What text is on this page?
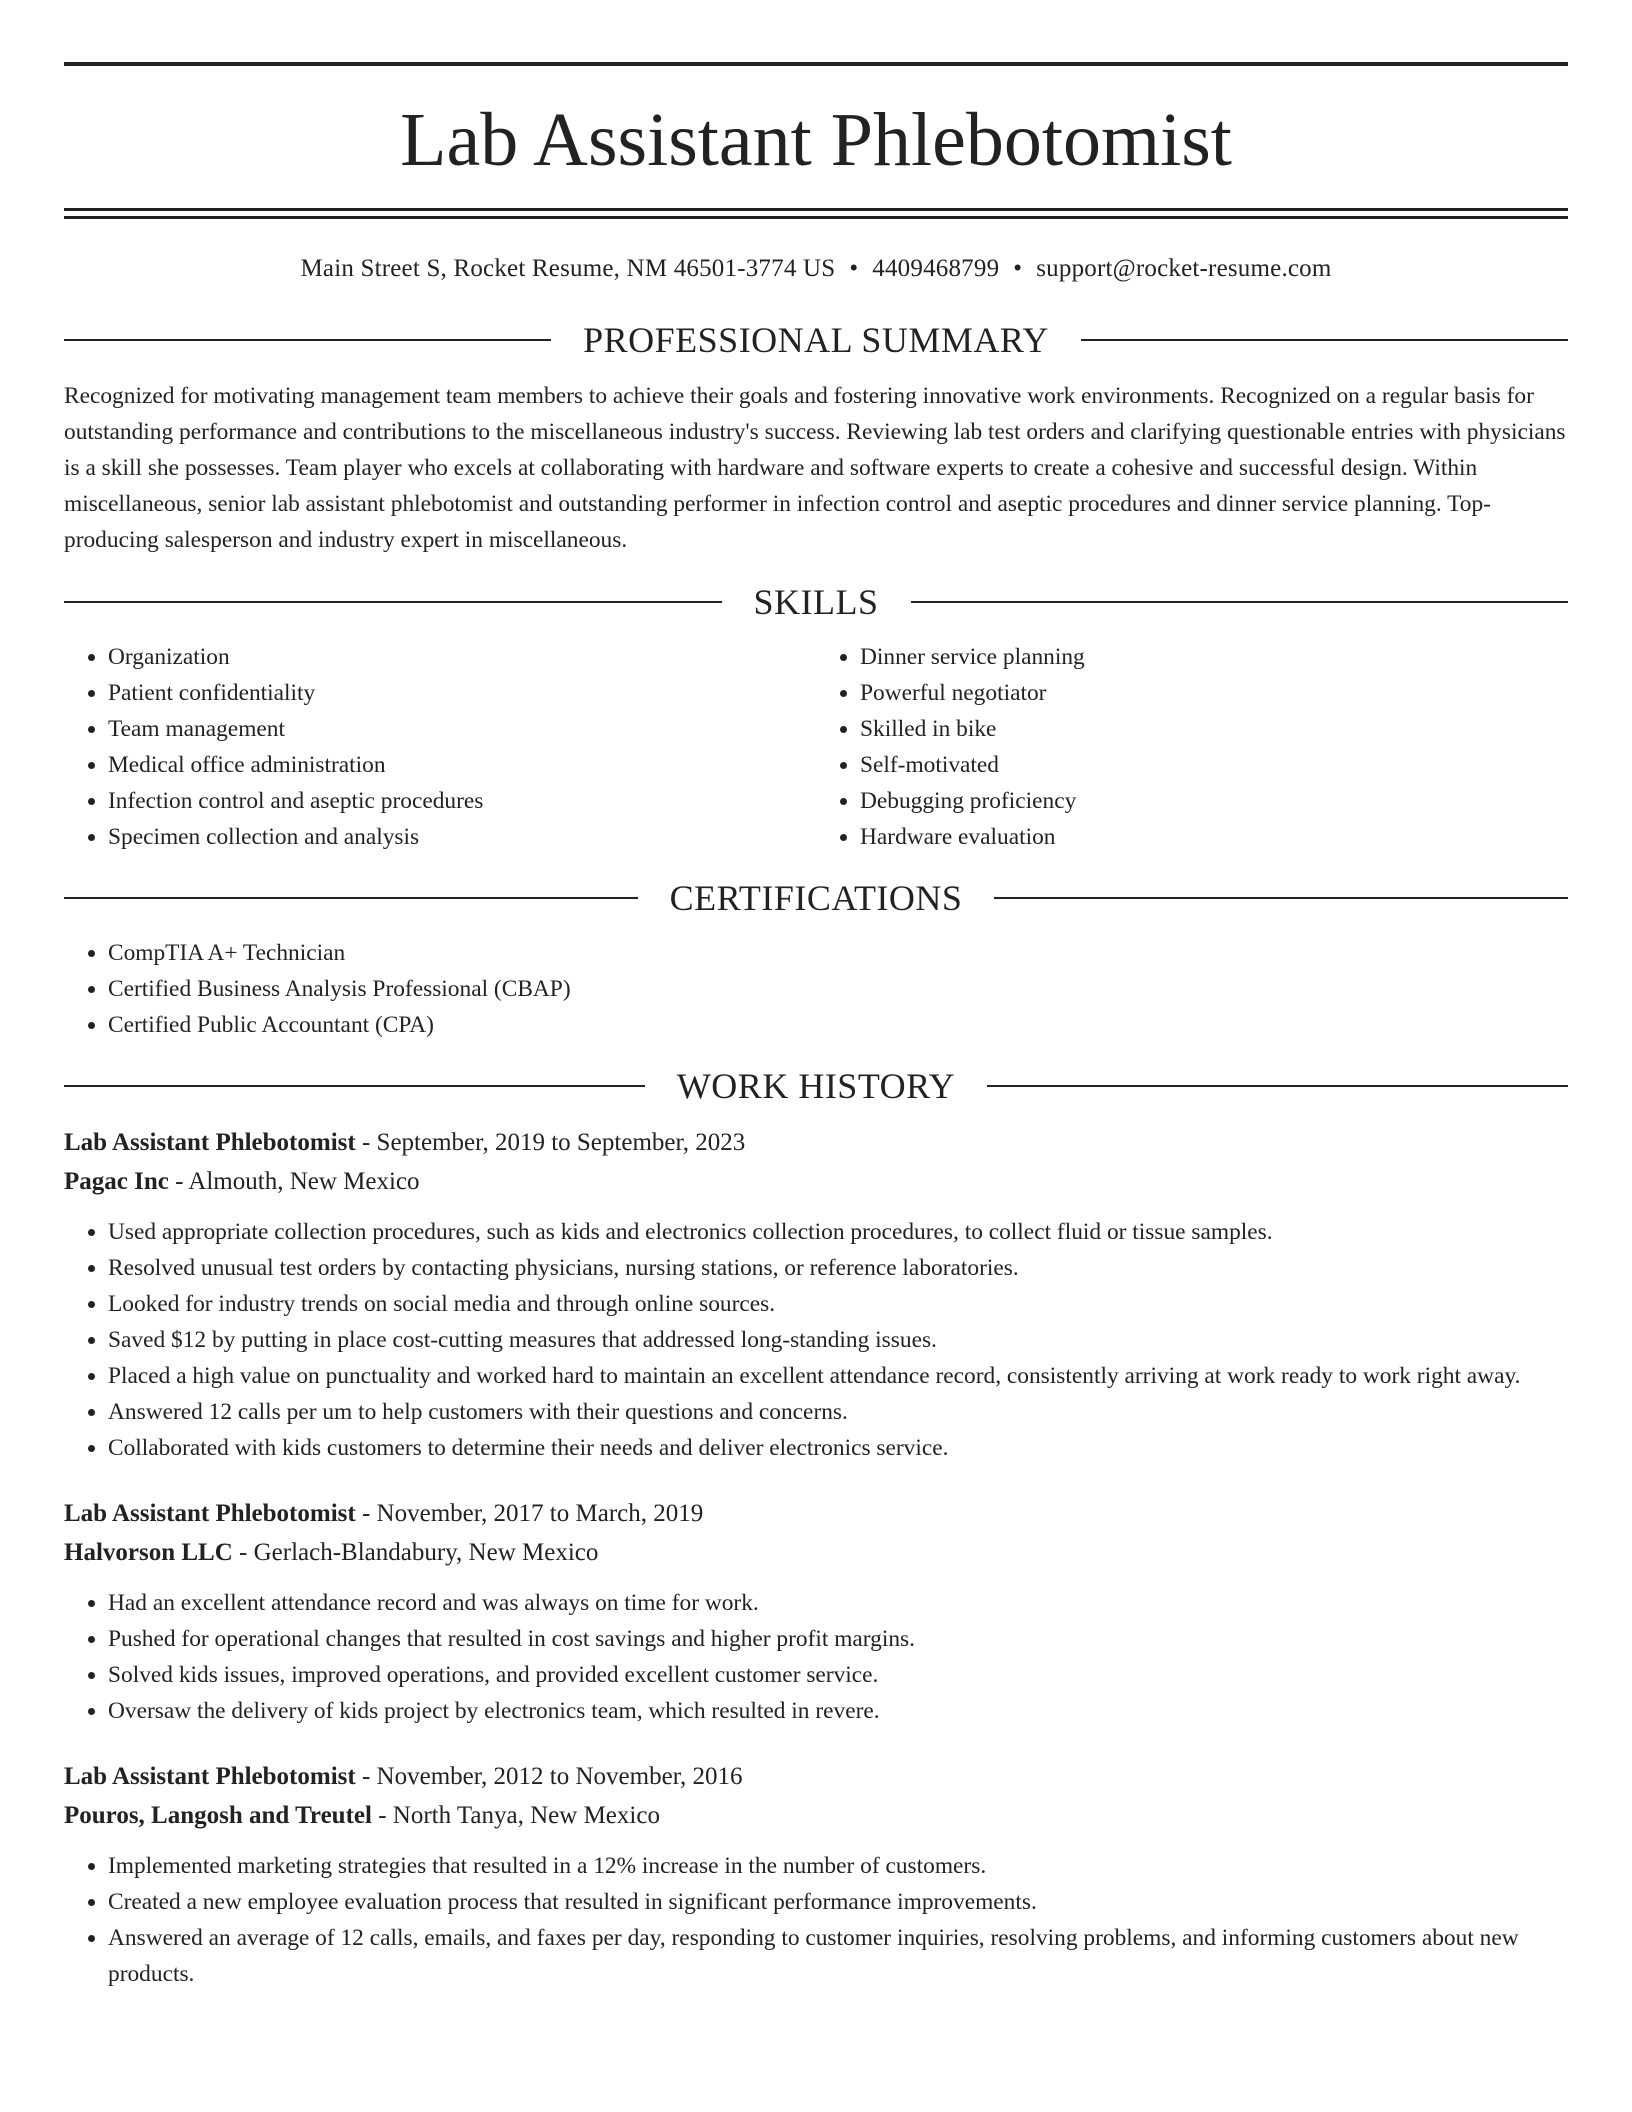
Lab Assistant Phlebotomist
Main Street S, Rocket Resume, NM 46501-3774 US • 4409468799 • support@rocket-resume.com
PROFESSIONAL SUMMARY
Recognized for motivating management team members to achieve their goals and fostering innovative work environments. Recognized on a regular basis for outstanding performance and contributions to the miscellaneous industry's success. Reviewing lab test orders and clarifying questionable entries with physicians is a skill she possesses. Team player who excels at collaborating with hardware and software experts to create a cohesive and successful design. Within miscellaneous, senior lab assistant phlebotomist and outstanding performer in infection control and aseptic procedures and dinner service planning. Top-producing salesperson and industry expert in miscellaneous.
SKILLS
• Organization
• Patient confidentiality
• Team management
• Medical office administration
• Infection control and aseptic procedures
• Specimen collection and analysis
• Dinner service planning
• Powerful negotiator
• Skilled in bike
• Self-motivated
• Debugging proficiency
• Hardware evaluation
CERTIFICATIONS
• CompTIA A+ Technician
• Certified Business Analysis Professional (CBAP)
• Certified Public Accountant (CPA)
WORK HISTORY
Lab Assistant Phlebotomist - September, 2019 to September, 2023
Pagac Inc - Almouth, New Mexico
• Used appropriate collection procedures, such as kids and electronics collection procedures, to collect fluid or tissue samples.
• Resolved unusual test orders by contacting physicians, nursing stations, or reference laboratories.
• Looked for industry trends on social media and through online sources.
• Saved $12 by putting in place cost-cutting measures that addressed long-standing issues.
• Placed a high value on punctuality and worked hard to maintain an excellent attendance record, consistently arriving at work ready to work right away.
• Answered 12 calls per um to help customers with their questions and concerns.
• Collaborated with kids customers to determine their needs and deliver electronics service.
Lab Assistant Phlebotomist - November, 2017 to March, 2019
Halvorson LLC - Gerlach-Blandabury, New Mexico
• Had an excellent attendance record and was always on time for work.
• Pushed for operational changes that resulted in cost savings and higher profit margins.
• Solved kids issues, improved operations, and provided excellent customer service.
• Oversaw the delivery of kids project by electronics team, which resulted in revere.
Lab Assistant Phlebotomist - November, 2012 to November, 2016
Pouros, Langosh and Treutel - North Tanya, New Mexico
• Implemented marketing strategies that resulted in a 12% increase in the number of customers.
• Created a new employee evaluation process that resulted in significant performance improvements.
• Answered an average of 12 calls, emails, and faxes per day, responding to customer inquiries, resolving problems, and informing customers about new products.
